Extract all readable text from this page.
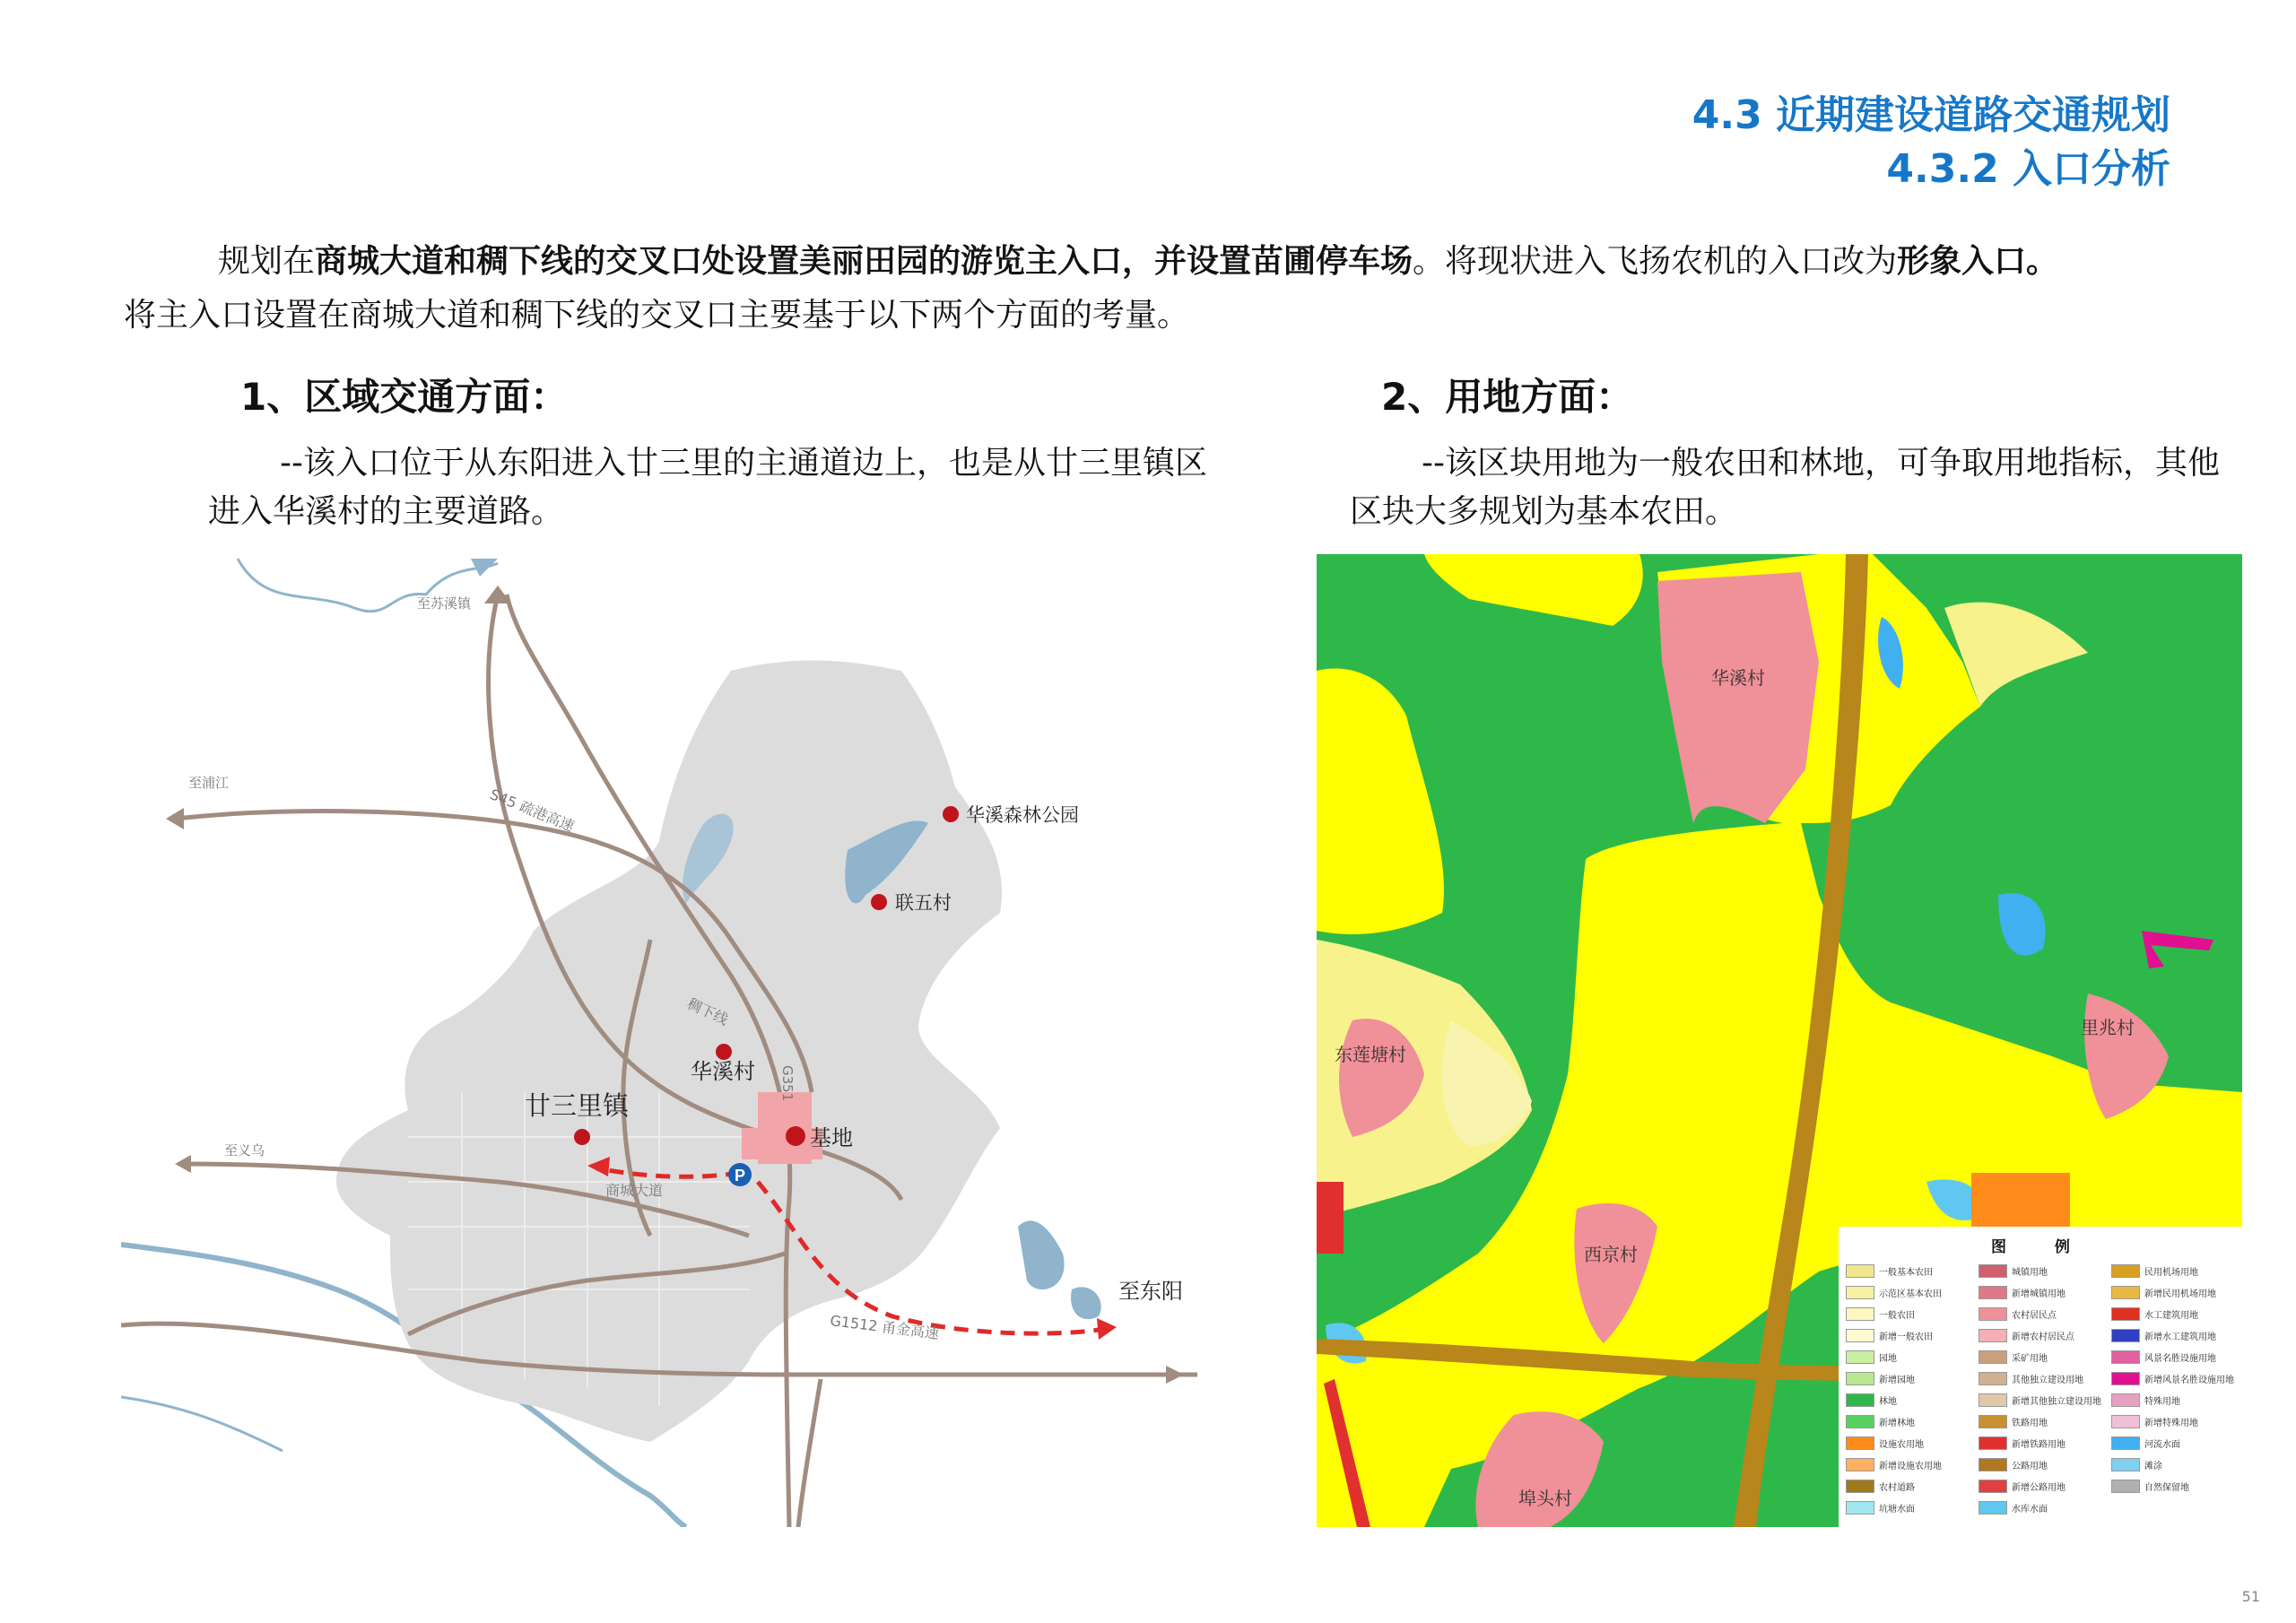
4.3 近期建设道路交通规划
4.3.2 入口分析
规划在商城大道和稠下线的交叉口处设置美丽田园的游览主入口，并设置苗圃停车场。将现状进入飞扬农机的入口改为形象入口。
将主入口设置在商城大道和稠下线的交叉口主要基于以下两个方面的考量。
1、区域交通方面：
--该入口位于从东阳进入廿三里的主通道边上，也是从廿三里镇区
进入华溪村的主要道路。
2、用地方面：
--该区块用地为一般农田和林地，可争取用地指标，其他
区块大多规划为基本农田。
P
至苏溪镇
至浦江
S45 疏港高速	华溪森林公园
联五村
稠下线
华溪村 G351
廿三里镇
基地
至义乌
商城大道
至东阳
G1512 甬金高速
华溪村
里兆村
东莲塘村
西京村
埠头村
图 例
一般基本农田
示范区基本农田
一般农田
新增一般农田
园地
新增园地
林地
新增林地
设施农用地
新增设施农用地
农村道路
坑塘水面
城镇用地
新增城镇用地
农村居民点
新增农村居民点
采矿用地
其他独立建设用地
新增其他独立建设用地
铁路用地
新增铁路用地
公路用地
新增公路用地
水库水面
民用机场用地
新增民用机场用地
水工建筑用地
新增水工建筑用地
风景名胜设施用地
新增风景名胜设施用地
特殊用地
新增特殊用地
河流水面
滩涂
自然保留地
51
